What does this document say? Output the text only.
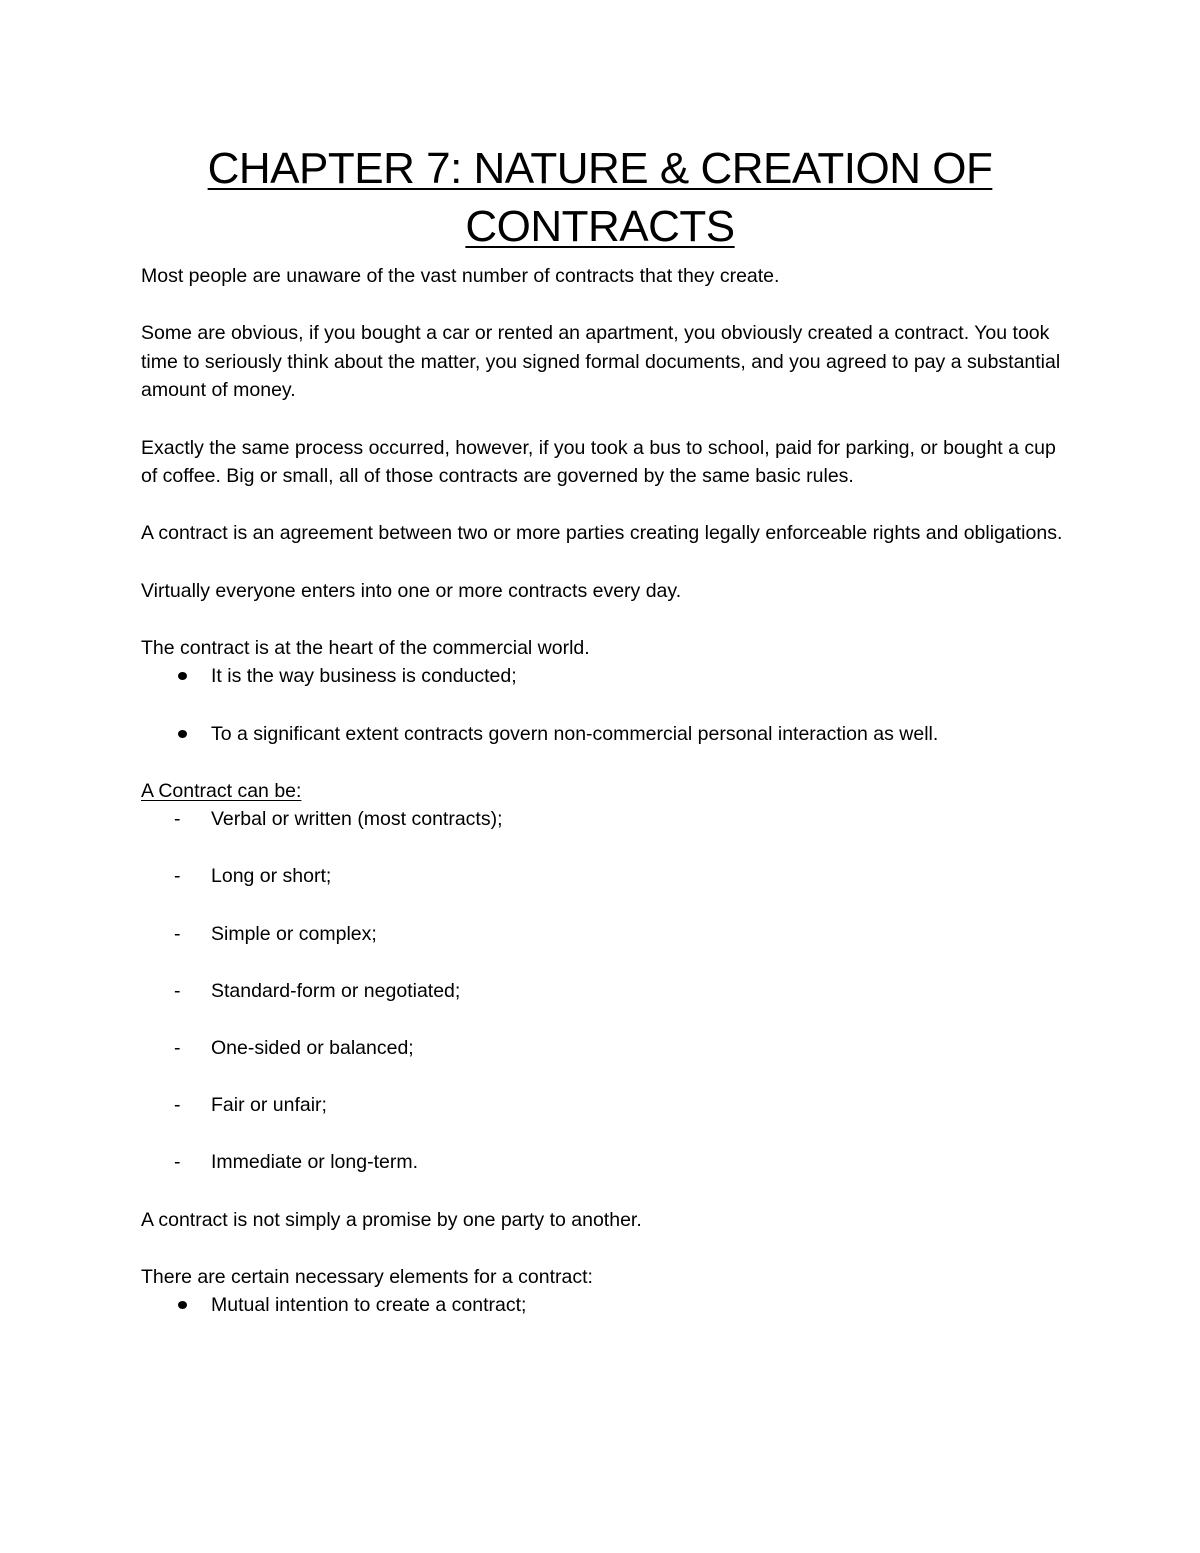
CHAPTER 7: NATURE & CREATION OF CONTRACTS

Most people are unaware of the vast number of contracts that they create.

Some are obvious, if you bought a car or rented an apartment, you obviously created a contract. You took time to seriously think about the matter, you signed formal documents, and you agreed to pay a substantial amount of money.

Exactly the same process occurred, however, if you took a bus to school, paid for parking, or bought a cup of coffee. Big or small, all of those contracts are governed by the same basic rules.

A contract is an agreement between two or more parties creating legally enforceable rights and obligations.

Virtually everyone enters into one or more contracts every day.

The contract is at the heart of the commercial world.

It is the way business is conducted;
To a significant extent contracts govern non-commercial personal interaction as well.

A Contract can be:

- Verbal or written (most contracts);
- Long or short;
- Simple or complex;
- Standard-form or negotiated;
- One-sided or balanced;
- Fair or unfair;
- Immediate or long-term.

A contract is not simply a promise by one party to another.

There are certain necessary elements for a contract:

Mutual intention to create a contract;
